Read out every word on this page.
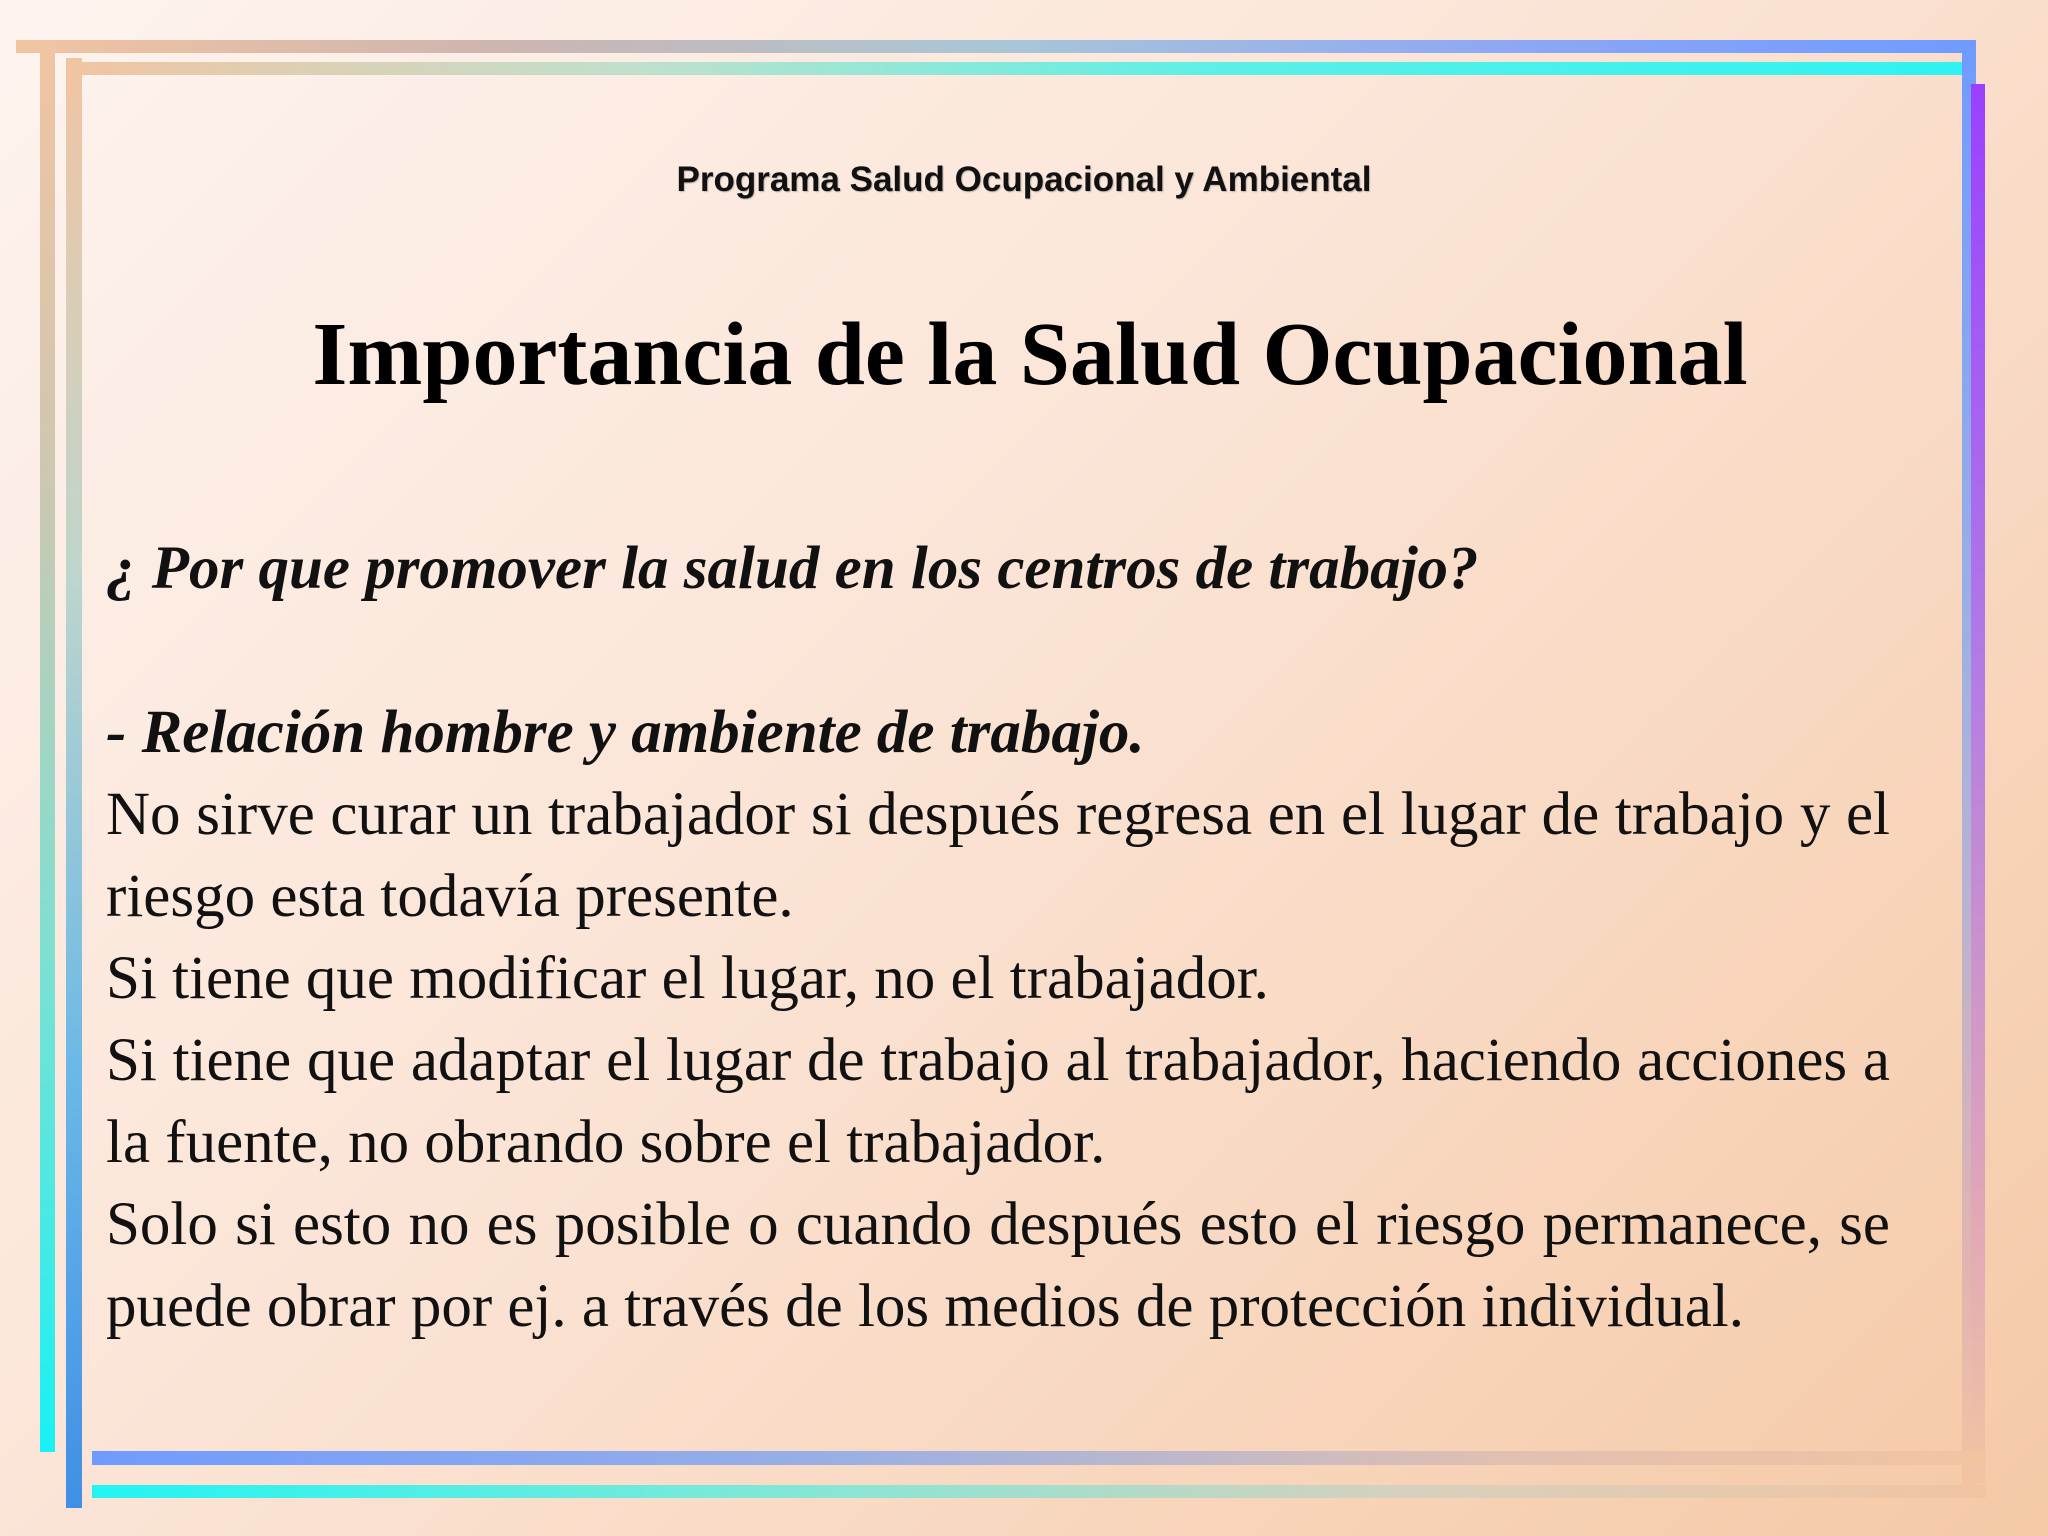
Programa Salud Ocupacional y Ambiental
Importancia de la Salud Ocupacional

¿ Por que promover la salud en los centros de trabajo?

- Relación hombre y ambiente de trabajo.

No sirve curar un trabajador si después regresa en el lugar de trabajo y el riesgo esta todavía presente.

Si tiene que modificar el lugar, no el trabajador.

Si tiene que adaptar el lugar de trabajo al trabajador, haciendo acciones a la fuente, no obrando sobre el trabajador.

Solo si esto no es posible o cuando después esto el riesgo permanece, se puede obrar por ej. a través de los medios de protección individual.
